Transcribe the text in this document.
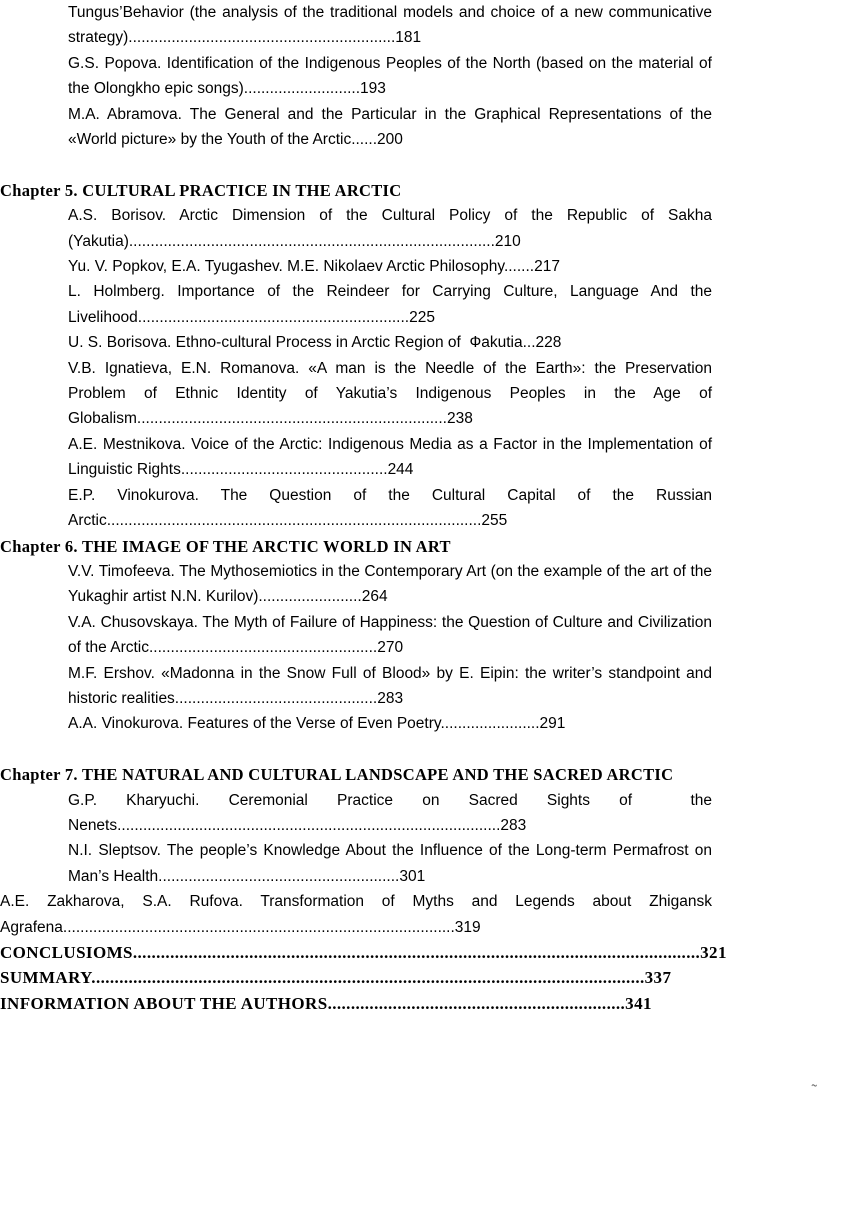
Tungus’Behavior (the analysis of the traditional models and choice of a new communicative strategy)..............................................................181

G.S. Popova. Identification of the Indigenous Peoples of the North (based on the material of the Olongkho epic songs)...........................193

M.A. Abramova. The General and the Particular in the Graphical Representations of the «World picture» by the Youth of the Arctic......200

Chapter 5. CULTURAL PRACTICE IN THE ARCTIC

A.S. Borisov. Arctic Dimension of the Cultural Policy of the Republic of Sakha (Yakutia).....................................................................................210

Yu. V. Popkov, E.A. Tyugashev. M.E. Nikolaev Arctic Philosophy.......217

L. Holmberg. Importance of the Reindeer for Carrying Culture, Language And the Livelihood...............................................................225

U. S. Borisova. Ethno-cultural Process in Arctic Region of  Фakutia...228

V.B. Ignatieva, E.N. Romanova. «A man is the Needle of the Earth»: the Preservation Problem of Ethnic Identity of Yakutia’s Indigenous Peoples in the Age of Globalism........................................................................238

A.E. Mestnikova. Voice of the Arctic: Indigenous Media as a Factor in the Implementation of Linguistic Rights................................................244

E.P. Vinokurova. The Question of the Cultural Capital of the Russian  Arctic.......................................................................................255

Chapter 6. THE IMAGE OF THE ARCTIC WORLD IN ART

V.V. Timofeeva. The Mythosemiotics in the Contemporary Art (on the example of the art of the Yukaghir artist N.N. Kurilov)........................264

V.A. Chusovskaya. The Myth of Failure of Happiness: the Question of Culture and Civilization of the Arctic.....................................................270

M.F. Ershov. «Madonna in the Snow Full of Blood» by E. Eipin: the writer’s standpoint and historic realities...............................................283

A.A. Vinokurova. Features of the Verse of Even Poetry.......................291

Chapter 7. THE NATURAL AND CULTURAL LANDSCAPE AND THE SACRED ARCTIC

G.P. Kharyuchi. Ceremonial Practice on Sacred Sights of  the Nenets.........................................................................................283

N.I. Sleptsov. The people’s Knowledge About the Influence of the Long-term Permafrost on Man’s Health........................................................301

A.E. Zakharova, S.A. Rufova. Transformation of Myths and Legends about Zhigansk Agrafena...........................................................................................319

CONCLUSIOMS..........................................................................................................................321

SUMMARY.......................................................................................................................337

INFORMATION ABOUT THE AUTHORS................................................................341

˜
